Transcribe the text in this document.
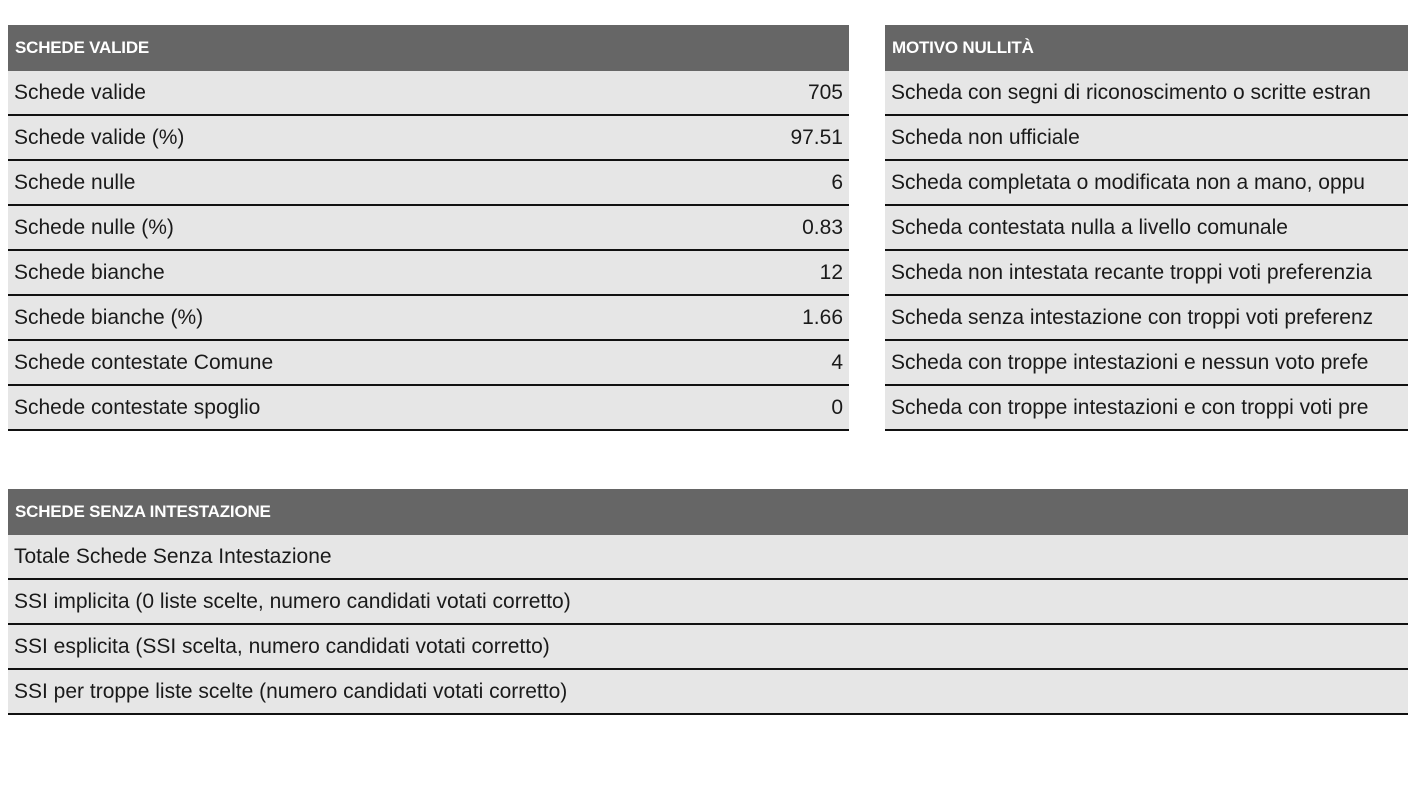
SCHEDE VALIDE	
Schede valide	705
Schede valide (%)	97.51
Schede nulle	6
Schede nulle (%)	0.83
Schede bianche	12
Schede bianche (%)	1.66
Schede contestate Comune	4
Schede contestate spoglio	0
MOTIVO NULLITÀ
Scheda con segni di riconoscimento o scritte estran
Scheda non ufficiale
Scheda completata o modificata non a mano, oppu
Scheda contestata nulla a livello comunale
Scheda non intestata recante troppi voti preferenzia
Scheda senza intestazione con troppi voti preferenz
Scheda con troppe intestazioni e nessun voto prefe
Scheda con troppe intestazioni e con troppi voti pre
SCHEDE SENZA INTESTAZIONE
Totale Schede Senza Intestazione
SSI implicita (0 liste scelte, numero candidati votati corretto)
SSI esplicita (SSI scelta, numero candidati votati corretto)
SSI per troppe liste scelte (numero candidati votati corretto)
